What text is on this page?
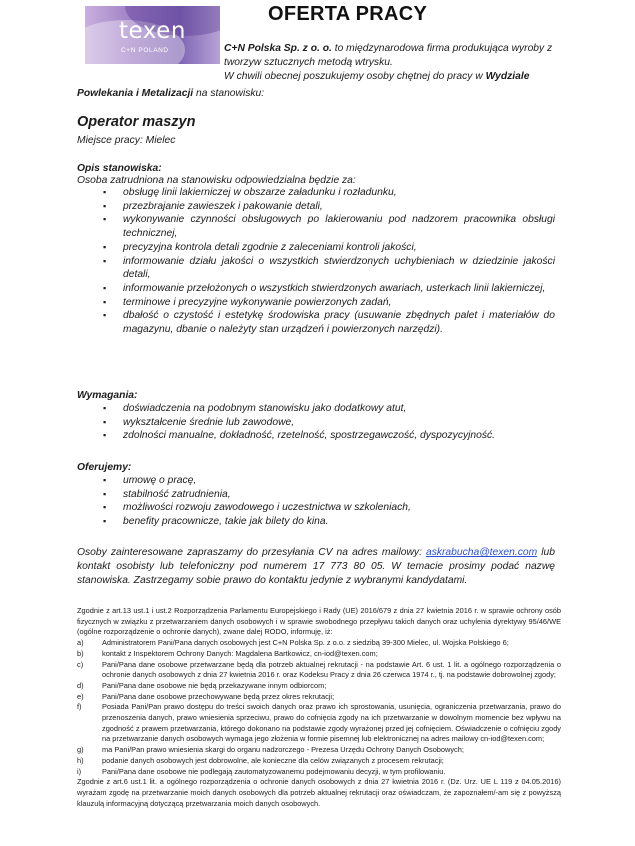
texen
C+N POLAND
OFERTA PRACY
C+N Polska Sp. z o. o. to międzynarodowa firma produkująca wyroby z tworzyw sztucznych metodą wtrysku.
W chwili obecnej poszukujemy osoby chętnej do pracy w Wydziale
Powlekania i Metalizacji na stanowisku:
Operator maszyn
Miejsce pracy: Mielec
Opis stanowiska:
Osoba zatrudniona na stanowisku odpowiedzialna będzie za:
▪ obsługę linii lakierniczej w obszarze załadunku i rozładunku,
▪ przezbrajanie zawieszek i pakowanie detali,
▪ wykonywanie czynności obsługowych po lakierowaniu pod nadzorem pracownika obsługi technicznej,
▪ precyzyjna kontrola detali zgodnie z zaleceniami kontroli jakości,
▪ informowanie działu jakości o wszystkich stwierdzonych uchybieniach w dziedzinie jakości detali,
▪ informowanie przełożonych o wszystkich stwierdzonych awariach, usterkach linii lakierniczej,
▪ terminowe i precyzyjne wykonywanie powierzonych zadań,
▪ dbałość o czystość i estetykę środowiska pracy (usuwanie zbędnych palet i materiałów do magazynu, dbanie o należyty stan urządzeń i powierzonych narzędzi).
Wymagania:
▪ doświadczenia na podobnym stanowisku jako dodatkowy atut,
▪ wykształcenie średnie lub zawodowe,
▪ zdolności manualne, dokładność, rzetelność, spostrzegawczość, dyspozycyjność.
Oferujemy:
▪ umowę o pracę,
▪ stabilność zatrudnienia,
▪ możliwości rozwoju zawodowego i uczestnictwa w szkoleniach,
▪ benefity pracownicze, takie jak bilety do kina.
Osoby zainteresowane zapraszamy do przesyłania CV na adres mailowy: askrabucha@texen.com lub kontakt osobisty lub telefoniczny pod numerem 17 773 80 05. W temacie prosimy podać nazwę stanowiska. Zastrzegamy sobie prawo do kontaktu jedynie z wybranymi kandydatami.

Zgodnie z art.13 ust.1 i ust.2 Rozporządzenia Parlamentu Europejskiego i Rady (UE) 2016/679 z dnia 27 kwietnia 2016 r. w sprawie ochrony osób fizycznych w związku z przetwarzaniem danych osobowych i w sprawie swobodnego przepływu takich danych oraz uchylenia dyrektywy 95/46/WE (ogólne rozporządzenie o ochronie danych), zwane dalej RODO, informuję, iż:

a) Administratorem Pani/Pana danych osobowych jest C+N Polska Sp. z o.o. z siedzibą 39-300 Mielec, ul. Wojska Polskiego 6;
b) kontakt z Inspektorem Ochrony Danych: Magdalena Bartkowicz, cn-iod@texen.com;
c)	Pani/Pana dane osobowe przetwarzane będą dla potrzeb aktualnej rekrutacji - na podstawie Art. 6 ust. 1 lit. a ogólnego rozporządzenia o ochronie danych osobowych z dnia 27 kwietnia 2016 r. oraz Kodeksu Pracy z dnia 26 czerwca 1974 r., tj. na podstawie dobrowolnej zgody;
d) Pani/Pana dane osobowe nie będą przekazywane innym odbiorcom;
e) Pani/Pana dane osobowe przechowywane będą przez okres rekrutacji;
f)	Posiada Pani/Pan prawo dostępu do treści swoich danych oraz prawo ich sprostowania, usunięcia, ograniczenia przetwarzania, prawo do przenoszenia danych, prawo wniesienia sprzeciwu, prawo do cofnięcia zgody na ich przetwarzanie w dowolnym momencie bez wpływu na zgodność z prawem przetwarzania, którego dokonano na podstawie zgody wyrażonej przed jej cofnięciem. Oświadczenie o cofnięciu zgody na przetwarzanie danych osobowych wymaga jego złożenia w formie pisemnej lub elektronicznej na adres mailowy cn-iod@texen.com;
g) ma Pani/Pan prawo wniesienia skargi do organu nadzorczego - Prezesa Urzędu Ochrony Danych Osobowych;
h) podanie danych osobowych jest dobrowolne, ale konieczne dla celów związanych z procesem rekrutacji;
i)	Pani/Pana dane osobowe nie podlegają zautomatyzowanemu podejmowaniu decyzji, w tym profilowaniu.

Zgodnie z art.6 ust.1 lit. a ogólnego rozporządzenia o ochronie danych osobowych z dnia 27 kwietnia 2016 r. (Dz. Urz. UE L 119 z 04.05.2016) wyrażam zgodę na przetwarzanie moich danych osobowych dla potrzeb aktualnej rekrutacji oraz oświadczam, że zapoznałem/-am się z powyższą klauzulą informacyjną dotyczącą przetwarzania moich danych osobowych.
